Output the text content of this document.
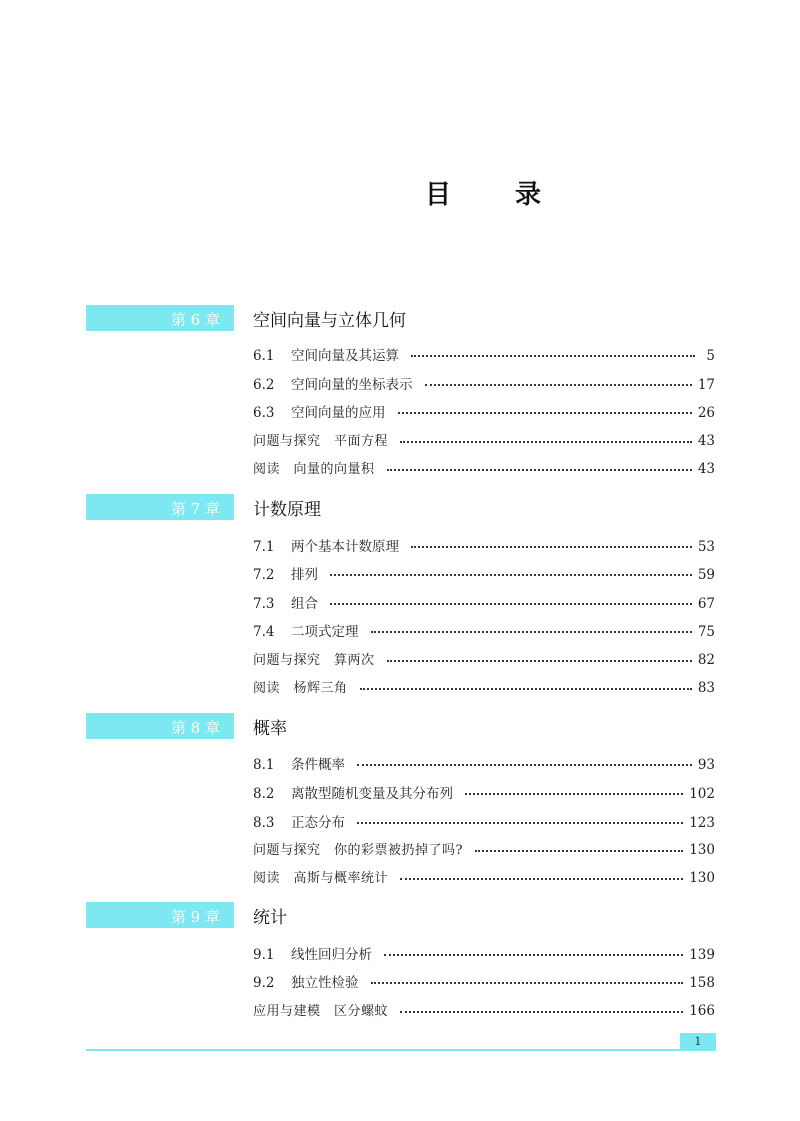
目 录
第 6 章 空间向量与立体几何
6.1	空间向量及其运算	5
6.2	空间向量的坐标表示	17
6.3	空间向量的应用	26
问题与探究　平面方程	43
阅读　向量的向量积	43
第 7 章 计数原理
7.1	两个基本计数原理	53
7.2	排列	59
7.3	组合	67
7.4	二项式定理	75
问题与探究　算两次	82
阅读　杨辉三角	83
第 8 章 概率
8.1	条件概率	93
8.2	离散型随机变量及其分布列	102
8.3	正态分布	123
问题与探究　你的彩票被扔掉了吗?	130
阅读　高斯与概率统计	130
第 9 章 统计
9.1	线性回归分析	139
9.2	独立性检验	158
应用与建模　区分螺蚊	166
1
